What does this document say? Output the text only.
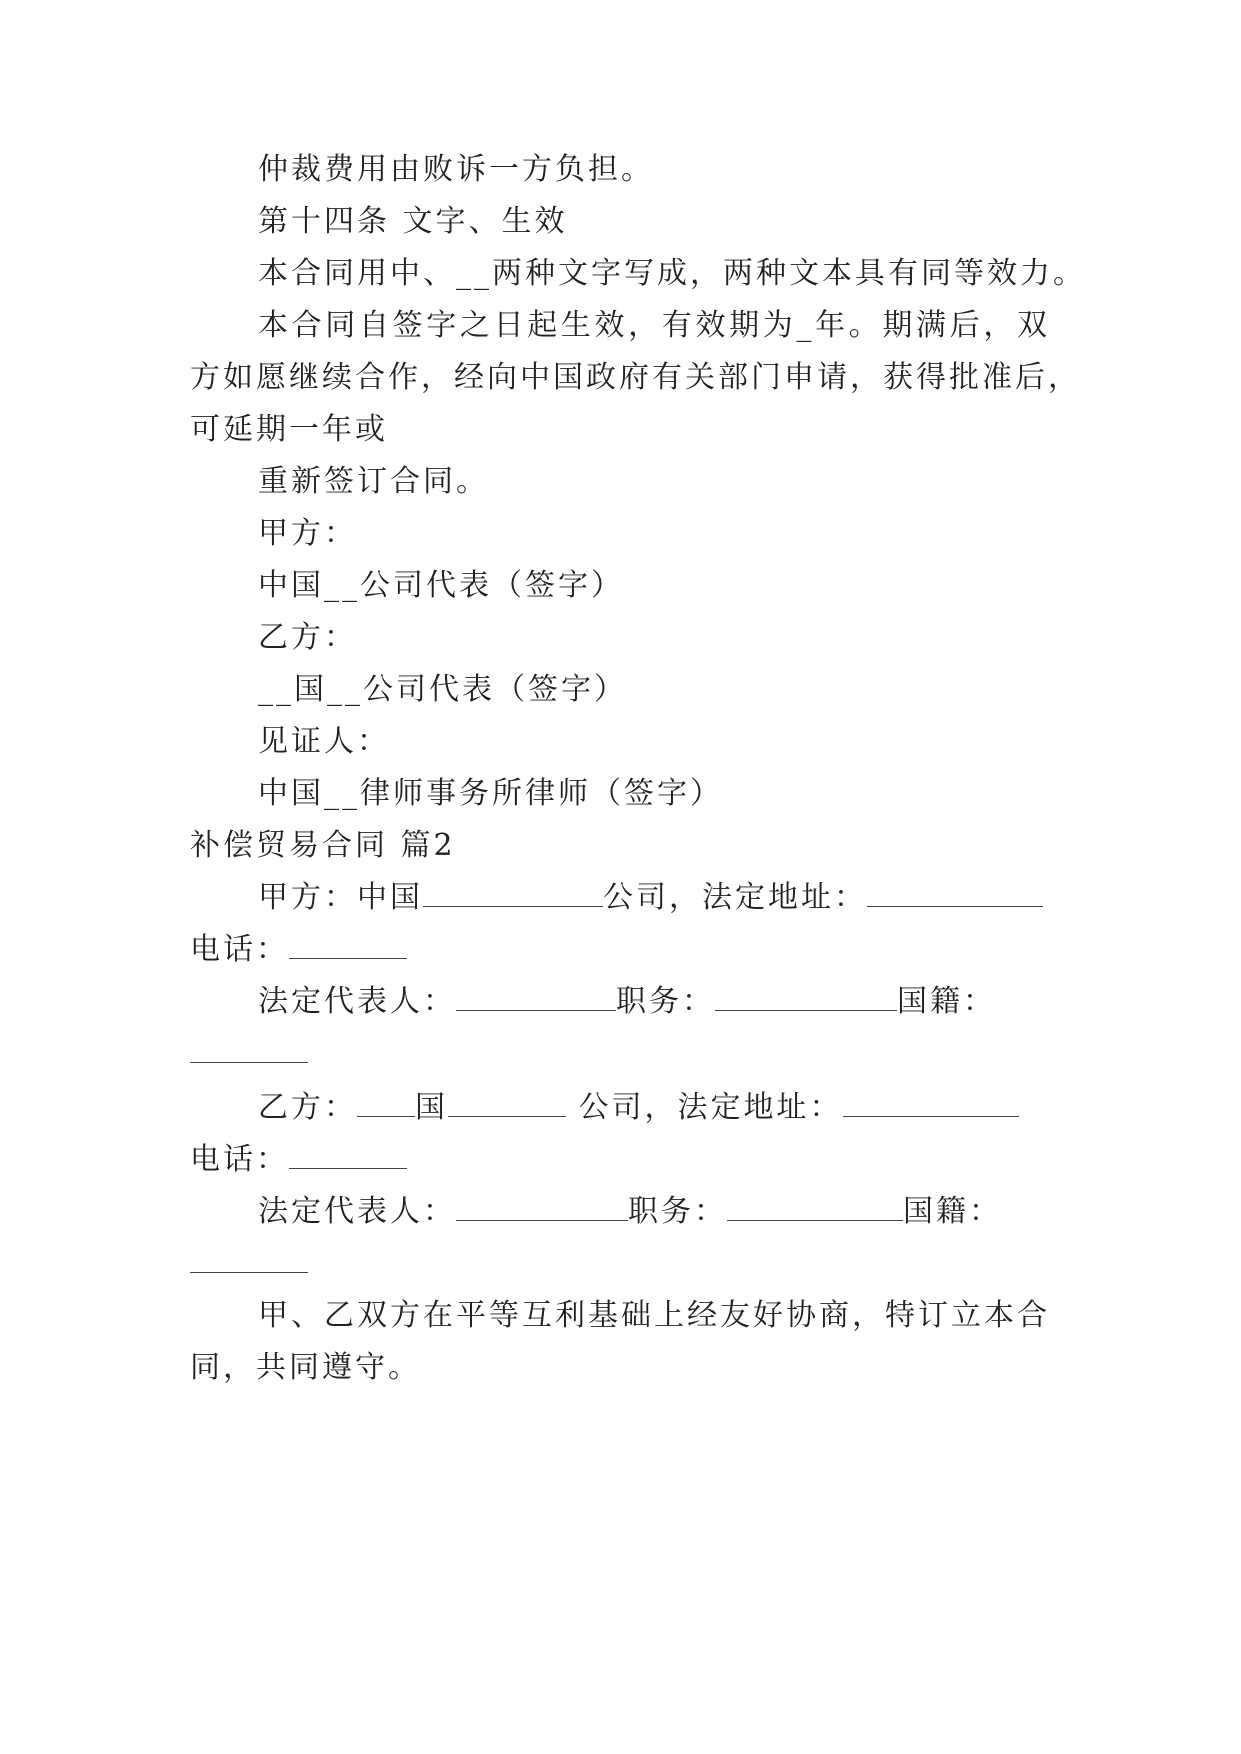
仲裁费用由败诉一方负担。
第十四条 文字、生效
本合同用中、__两种文字写成，两种文本具有同等效力。
本合同自签字之日起生效，有效期为_年。期满后，双
方如愿继续合作，经向中国政府有关部门申请，获得批准后，
可延期一年或
重新签订合同。
甲方：
中国__公司代表（签字）
乙方：
__国__公司代表（签字）
见证人：
中国__律师事务所律师（签字）
补偿贸易合同 篇2
甲方：中国	公司，法定地址：
电话：
法定代表人：	职务：	国籍：
乙方： 国	公司，法定地址：
电话：
法定代表人：	职务：	国籍：
甲、乙双方在平等互利基础上经友好协商，特订立本合
同，共同遵守。
